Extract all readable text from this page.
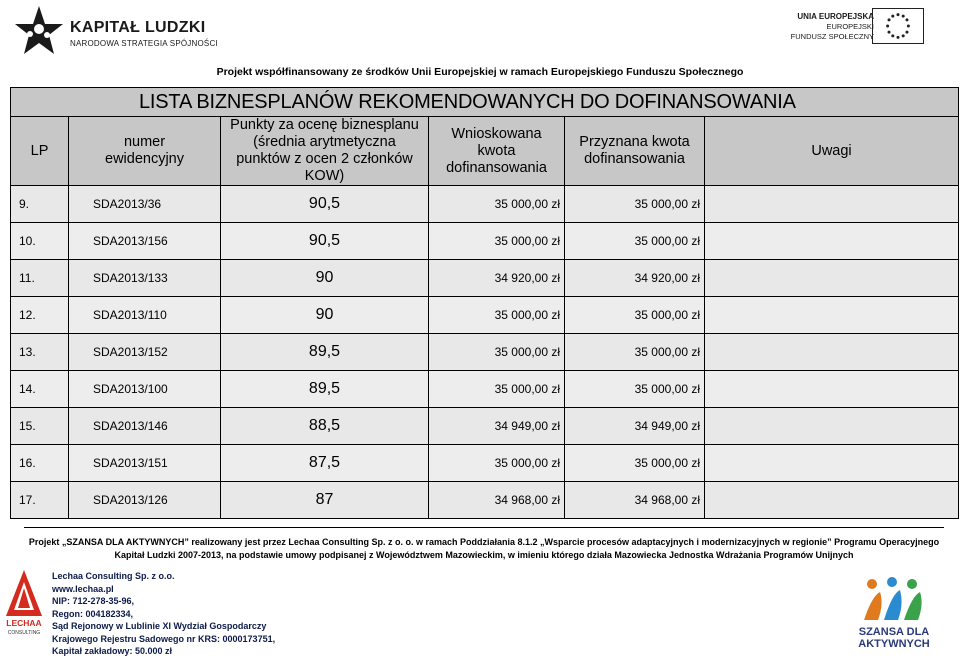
KAPITAŁ LUDZKI
NARODOWA STRATEGIA SPÓJNOŚCI
UNIA EUROPEJSKA
EUROPEJSKI
FUNDUSZ SPOŁECZNY
Projekt współfinansowany ze środków Unii Europejskiej w ramach Europejskiego Funduszu Społecznego
LISTA BIZNESPLANÓW REKOMENDOWANYCH DO DOFINANSOWANIA					
LP	numer ewidencyjny	Punkty za ocenę biznesplanu (średnia arytmetyczna punktów z ocen 2 członków KOW)	Wnioskowana kwota dofinansowania	Przyznana kwota dofinansowania	Uwagi
9.	SDA2013/36	90,5	35 000,00 zł	35 000,00 zł	
10.	SDA2013/156	90,5	35 000,00 zł	35 000,00 zł	
11.	SDA2013/133	90	34 920,00 zł	34 920,00 zł	
12.	SDA2013/110	90	35 000,00 zł	35 000,00 zł	
13.	SDA2013/152	89,5	35 000,00 zł	35 000,00 zł	
14.	SDA2013/100	89,5	35 000,00 zł	35 000,00 zł	
15.	SDA2013/146	88,5	34 949,00 zł	34 949,00 zł	
16.	SDA2013/151	87,5	35 000,00 zł	35 000,00 zł	
17.	SDA2013/126	87	34 968,00 zł	34 968,00 zł	
Projekt „SZANSA DLA AKTYWNYCH” realizowany jest przez Lechaa Consulting Sp. z o. o. w ramach Poddziałania 8.1.2 „Wsparcie procesów adaptacyjnych i modernizacyjnych w regionie” Programu Operacyjnego
Kapitał Ludzki 2007-2013, na podstawie umowy podpisanej z Województwem Mazowieckim, w imieniu którego działa Mazowiecka Jednostka Wdrażania Programów Unijnych
LECHAA
CONSULTING
Lechaa Consulting Sp. z o.o.
www.lechaa.pl
NIP: 712-278-35-96,
Regon: 004182334,
Sąd Rejonowy w Lublinie XI Wydział Gospodarczy
Krajowego Rejestru Sadowego nr KRS: 0000173751,
Kapitał zakładowy: 50.000 zł
SZANSA DLA
AKTYWNYCH
